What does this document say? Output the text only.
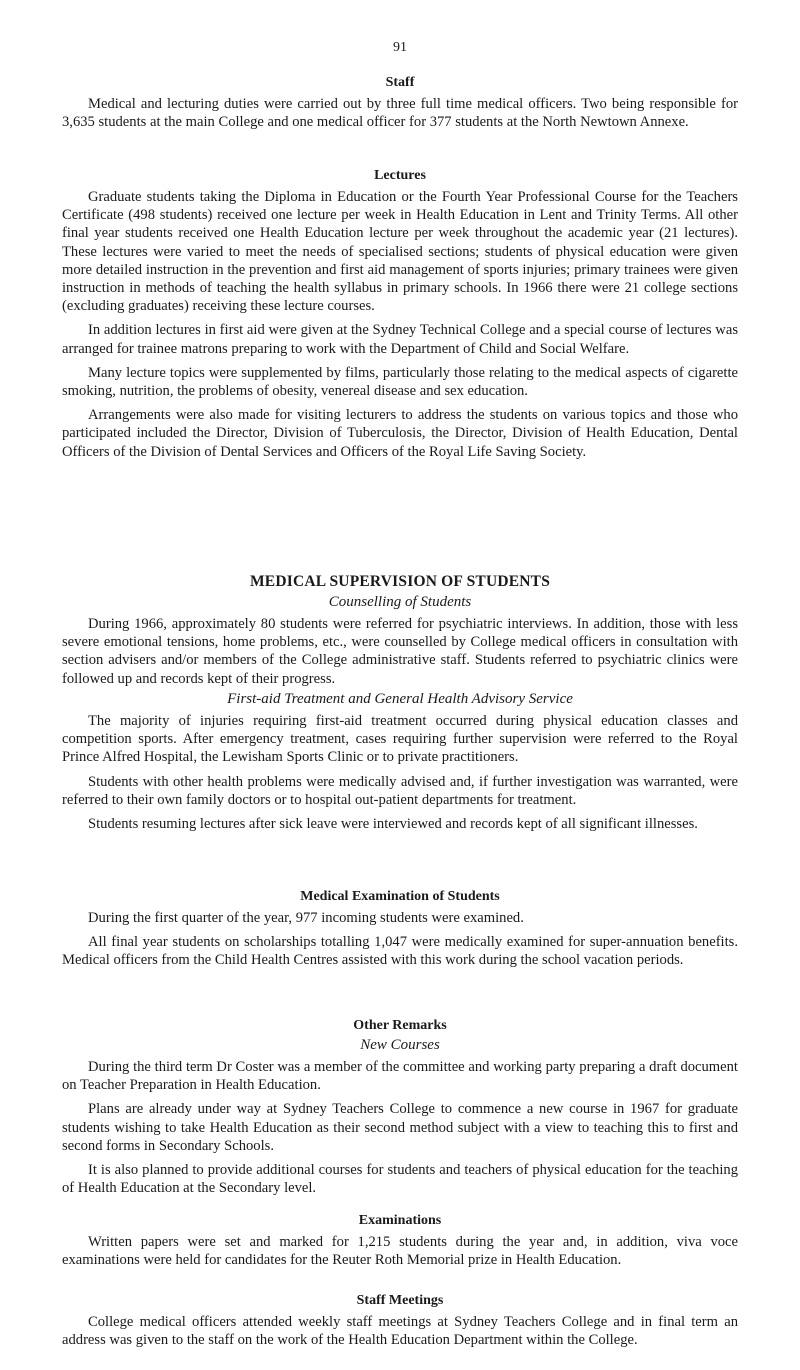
91
Staff

Medical and lecturing duties were carried out by three full time medical officers. Two being responsible for 3,635 students at the main College and one medical officer for 377 students at the North Newtown Annexe.

Lectures

Graduate students taking the Diploma in Education or the Fourth Year Professional Course for the Teachers Certificate (498 students) received one lecture per week in Health Education in Lent and Trinity Terms. All other final year students received one Health Education lecture per week throughout the academic year (21 lectures). These lectures were varied to meet the needs of specialised sections; students of physical education were given more detailed instruction in the prevention and first aid management of sports injuries; primary trainees were given instruction in methods of teaching the health syllabus in primary schools. In 1966 there were 21 college sections (excluding graduates) receiving these lecture courses.

In addition lectures in first aid were given at the Sydney Technical College and a special course of lectures was arranged for trainee matrons preparing to work with the Department of Child and Social Welfare.

Many lecture topics were supplemented by films, particularly those relating to the medical aspects of cigarette smoking, nutrition, the problems of obesity, venereal disease and sex education.

Arrangements were also made for visiting lecturers to address the students on various topics and those who participated included the Director, Division of Tuberculosis, the Director, Division of Health Education, Dental Officers of the Division of Dental Services and Officers of the Royal Life Saving Society.

MEDICAL SUPERVISION OF STUDENTS
Counselling of Students

During 1966, approximately 80 students were referred for psychiatric interviews. In addition, those with less severe emotional tensions, home problems, etc., were counselled by College medical officers in consultation with section advisers and/or members of the College administrative staff. Students referred to psychiatric clinics were followed up and records kept of their progress.

First-aid Treatment and General Health Advisory Service

The majority of injuries requiring first-aid treatment occurred during physical education classes and competition sports. After emergency treatment, cases requiring further supervision were referred to the Royal Prince Alfred Hospital, the Lewisham Sports Clinic or to private practitioners.

Students with other health problems were medically advised and, if further investigation was warranted, were referred to their own family doctors or to hospital out-patient departments for treatment.

Students resuming lectures after sick leave were interviewed and records kept of all significant illnesses.

Medical Examination of Students

During the first quarter of the year, 977 incoming students were examined.

All final year students on scholarships totalling 1,047 were medically examined for super-annuation benefits. Medical officers from the Child Health Centres assisted with this work during the school vacation periods.

Other Remarks
New Courses

During the third term Dr Coster was a member of the committee and working party preparing a draft document on Teacher Preparation in Health Education.

Plans are already under way at Sydney Teachers College to commence a new course in 1967 for graduate students wishing to take Health Education as their second method subject with a view to teaching this to first and second forms in Secondary Schools.

It is also planned to provide additional courses for students and teachers of physical education for the teaching of Health Education at the Secondary level.

Examinations

Written papers were set and marked for 1,215 students during the year and, in addition, viva voce examinations were held for candidates for the Reuter Roth Memorial prize in Health Education.

Staff Meetings

College medical officers attended weekly staff meetings at Sydney Teachers College and in final term an address was given to the staff on the work of the Health Education Department within the College.
